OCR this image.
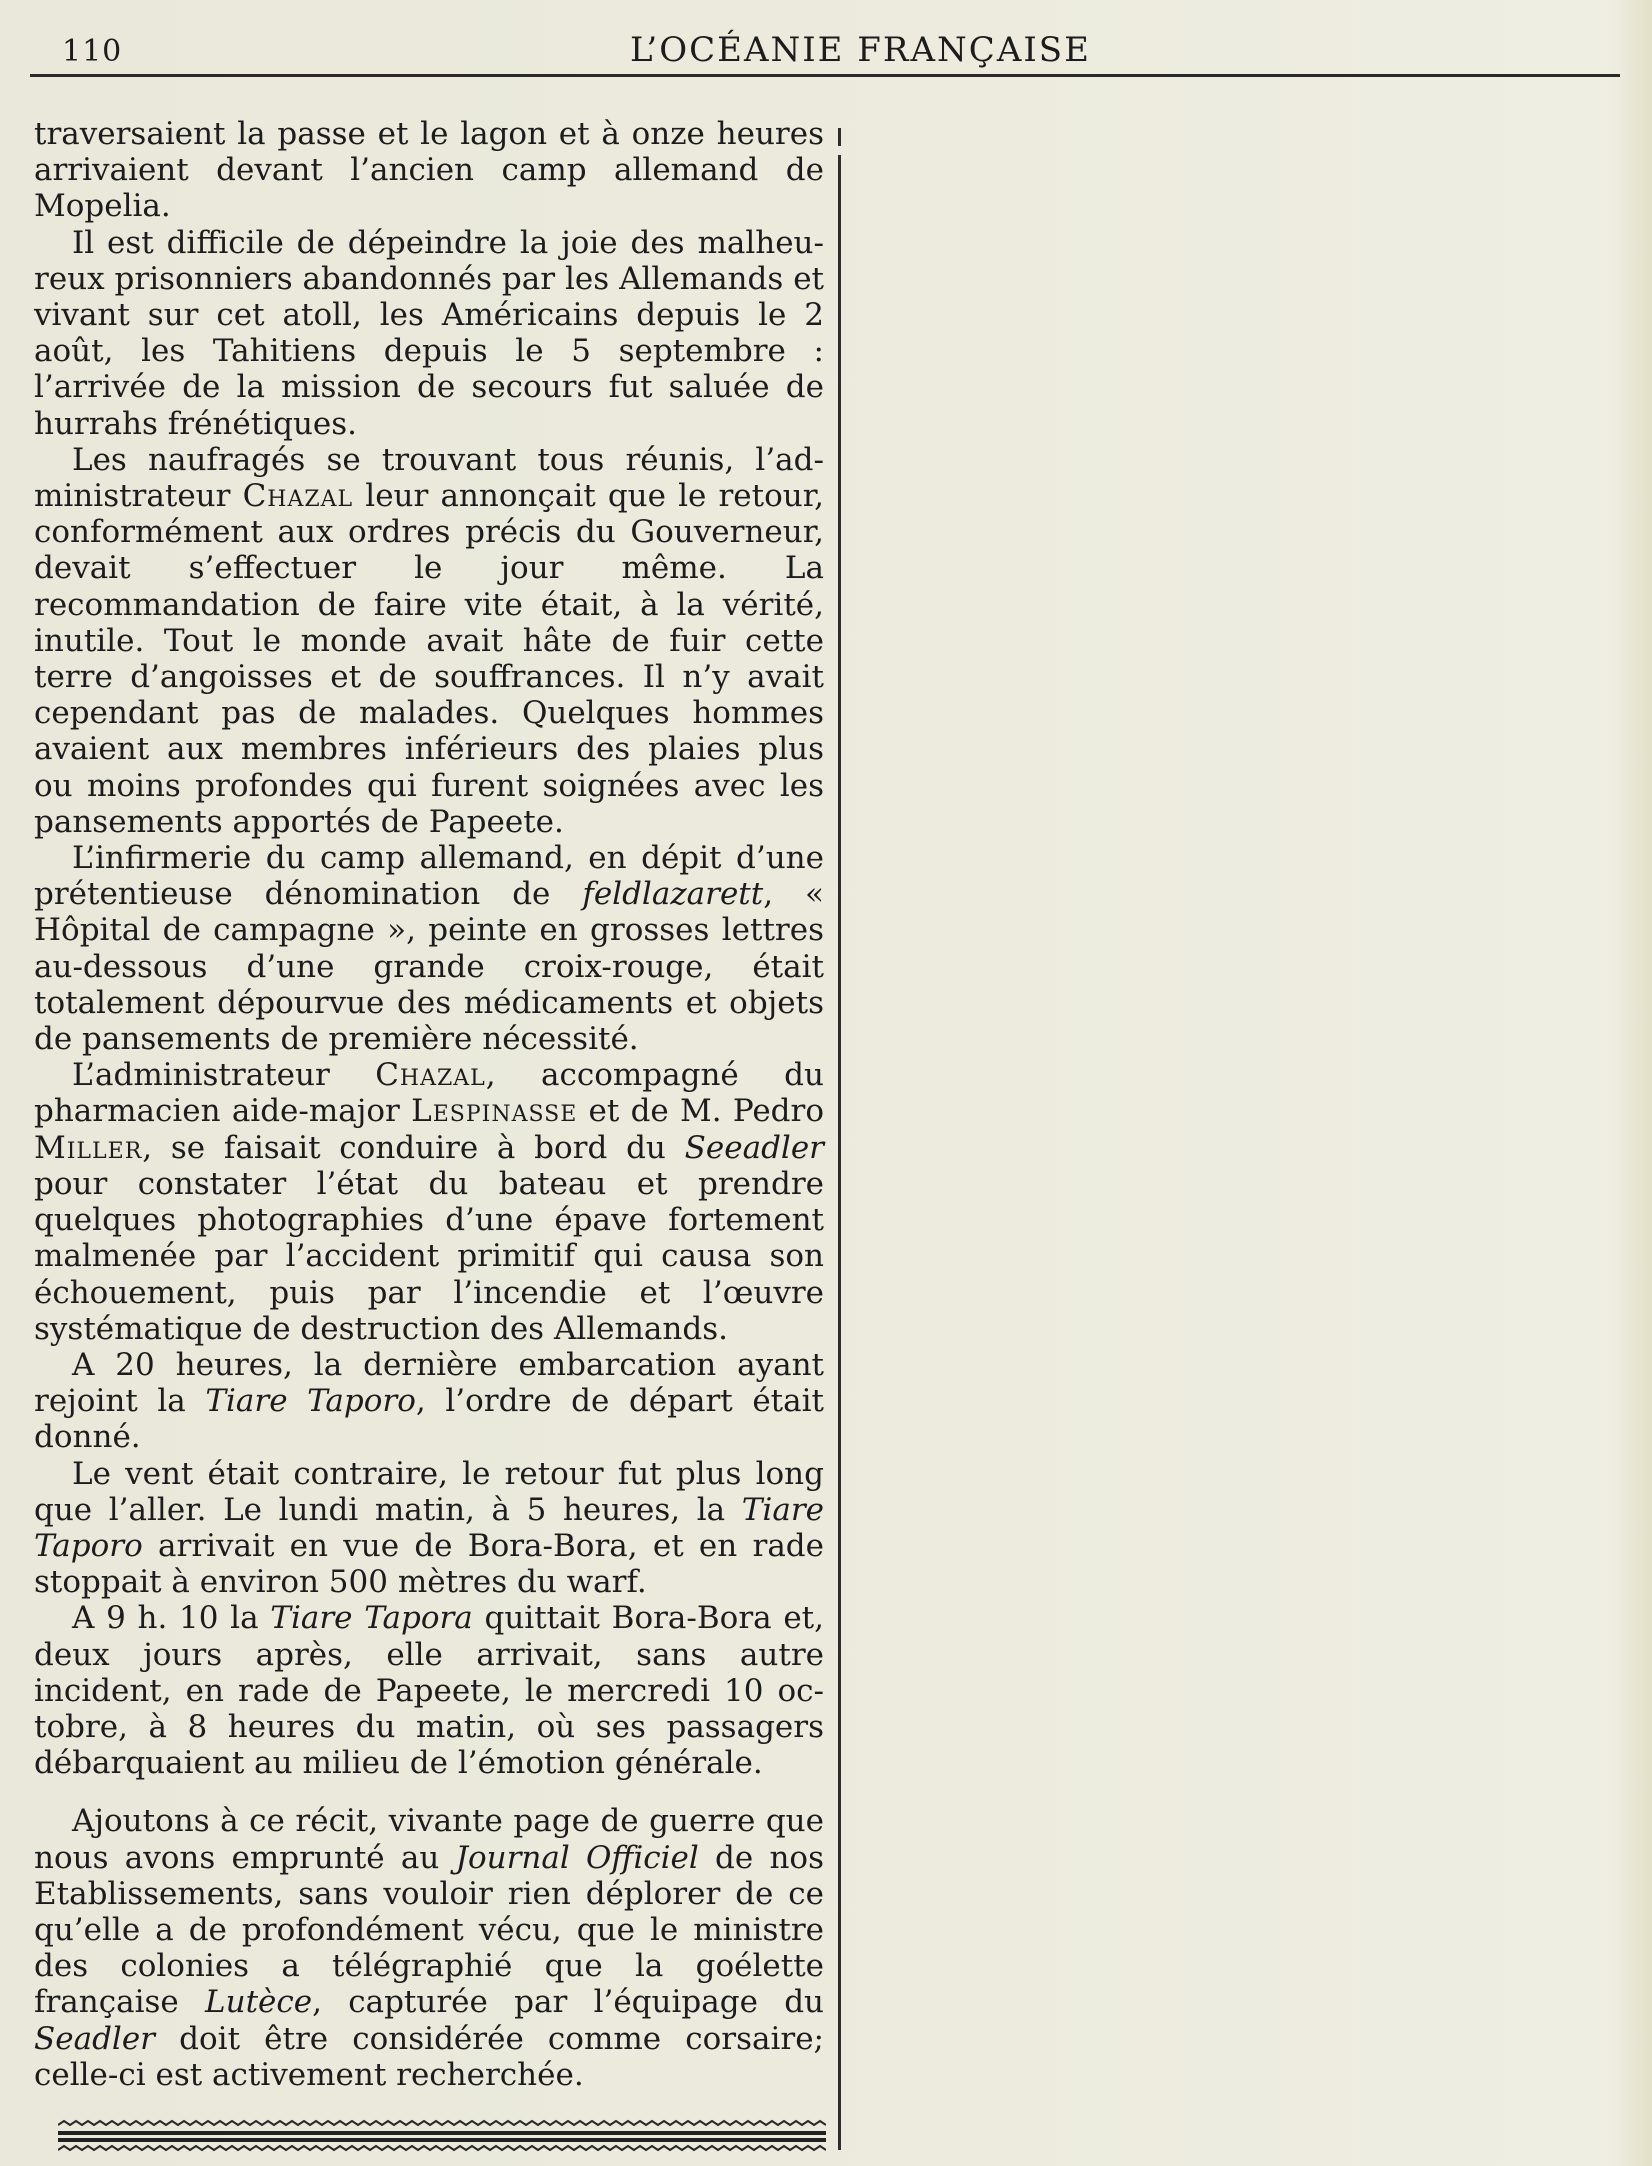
110	L’OCÉANIE FRANÇAISE

traversaient la passe et le lagon et à onze heures arrivaient devant l’ancien camp allemand de Mopelia.

Il est difficile de dépeindre la joie des malheureux prisonniers abandonnés par les Allemands et vivant sur cet atoll, les Américains depuis le 2 août, les Tahitiens depuis le 5 septembre : l’arrivée de la mission de secours fut saluée de hurrahs frénétiques.

Les naufragés se trouvant tous réunis, l’administrateur Chazal leur annonçait que le retour, conformément aux ordres précis du Gouverneur, devait s’effectuer le jour même. La recommandation de faire vite était, à la vérité, inutile. Tout le monde avait hâte de fuir cette terre d’angoisses et de souffrances. Il n’y avait cependant pas de malades. Quelques hommes avaient aux membres inférieurs des plaies plus ou moins profondes qui furent soignées avec les pansements apportés de Papeete.

L’infirmerie du camp allemand, en dépit d’une prétentieuse dénomination de feldlazarett, « Hôpital de campagne », peinte en grosses lettres au-dessous d’une grande croix-rouge, était totalement dépourvue des médicaments et objets de pansements de première nécessité.

L’administrateur Chazal, accompagné du pharmacien aide-major Lespinasse et de M. Pedro Miller, se faisait conduire à bord du Seeadler pour constater l’état du bateau et prendre quelques photographies d’une épave fortement malmenée par l’accident primitif qui causa son échouement, puis par l’incendie et l’œuvre systématique de destruction des Allemands.

A 20 heures, la dernière embarcation ayant rejoint la Tiare Taporo, l’ordre de départ était donné.

Le vent était contraire, le retour fut plus long que l’aller. Le lundi matin, à 5 heures, la Tiare Taporo arrivait en vue de Bora-Bora, et en rade stoppait à environ 500 mètres du warf.

A 9 h. 10 la Tiare Tapora quittait Bora-Bora et, deux jours après, elle arrivait, sans autre incident, en rade de Papeete, le mercredi 10 octobre, à 8 heures du matin, où ses passagers débarquaient au milieu de l’émotion générale.

Ajoutons à ce récit, vivante page de guerre que nous avons emprunté au Journal Officiel de nos Etablissements, sans vouloir rien déplorer de ce qu’elle a de profondément vécu, que le ministre des colonies a télégraphié que la goélette française Lutèce, capturée par l’équipage du Seadler doit être considérée comme corsaire; celle-ci est activement recherchée.
